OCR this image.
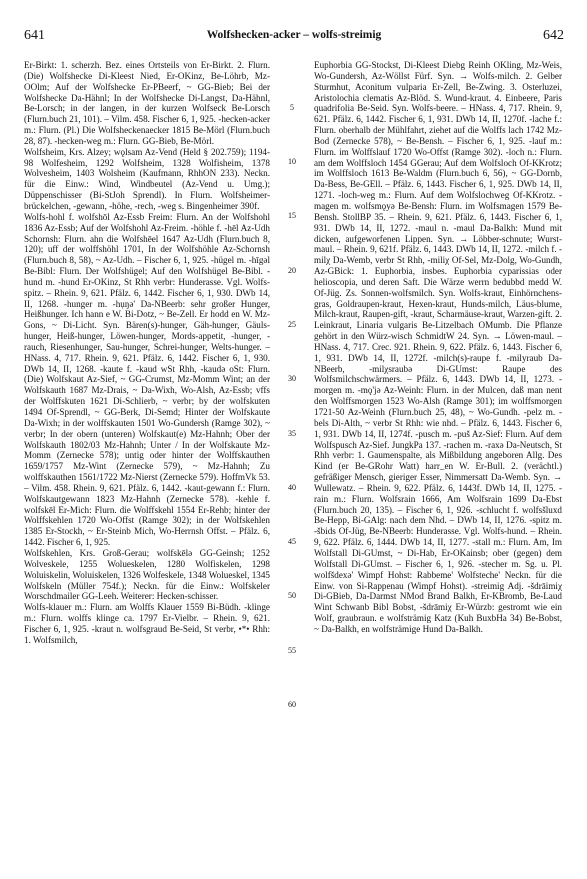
641	Wolfshecken-acker – wolfs-streimig	642

Er-Birkt: 1. scherzh. Bez. eines Ortsteils von Er-Birkt. 2. Flurn. (Die) Wolfshecke Di-Kleest Nied, Er-OKinz, Be-Löhrb, Mz-OOlm; Auf der Wolfshecke Er-PBeerf, ~ GG-Bieb; Bei der Wolfshecke Da-Hähnl; In der Wolfshecke Di-Langst, Da-Hähnl, Be-Lorsch; in der langen, in der kurzen Wolfseck Be-Lorsch (Flurn.buch 21, 101). – Vilm. 458. Fischer 6, 1, 925. -hecken-acker m.: Flurn. (Pl.) Die Wolfsheckenaecker 1815 Be-Mörl (Flurn.buch 28, 87). -hecken-weg m.: Flurn. GG-Bieb, Be-Mörl.

Wolfsheim, Krs. Alzey; wǫlsam Az-Vend (Held § 202.759); 1194-98 Wolfesheim, 1292 Wolfsheim, 1328 Wolfisheim, 1378 Wolvesheim, 1403 Wolsheim (Kaufmann, RhhON 233). Neckn. für die Einw.: Wind, Windbeutel (Az-Vend u. Umg.); Düppenschisser (Bi-StJoh Sprendl). In Flurn. Wolfsheimer-brückelchen, -gewann, -höhe, -rech, -weg s. Bingenheimer 390f.

Wolfs-hohl f. wolfshōl Az-Essb Freim: Flurn. An der Wolfshohl 1836 Az-Essb; Auf der Wolfshohl Az-Freim. -höhle f. -hēl Az-Udh Schornsh: Flurn. ahn die Wolfshēel 1647 Az-Udh (Flurn.buch 8, 120); uff der wolffshöhl 1701, In der Wolfshöhle Az-Schornsh (Flurn.buch 8, 58), ~ Az-Udh. – Fischer 6, 1, 925. -hügel m. -hīgəl Be-Bibl: Flurn. Der Wolfshügel; Auf den Wolfshügel Be-Bibl. -hund m. -hund Er-OKinz, St Rhh verbr: Hunderasse. Vgl. Wolfs-spitz. – Rhein. 9, 621. Pfälz. 6, 1442. Fischer 6, 1, 930. DWb 14, II, 1268. -hunger m. -hụŋə' Da-NBeerb: sehr großer Hunger, Heißhunger. Ich hann e W. Bi-Dotz, ~ Be-Zell. Er hodd en W. Mz-Gons, ~ Di-Licht. Syn. Bären(s)-hunger, Gäh-hunger, Gäuls-hunger, Heiß-hunger, Löwen-hunger, Mords-appetit, -hunger, -rauch, Riesenhunger, Sau-hunger, Schrei-hunger, Welts-hunger. – HNass. 4, 717. Rhein. 9, 621. Pfälz. 6, 1442. Fischer 6, 1, 930. DWb 14, II, 1268. -kaute f. -kaud wSt Rhh, -kaudə oSt: Flurn. (Die) Wolfskaut Az-Sief, ~ GG-Crumst, Mz-Momm Wint; an der Wolfskauth 1687 Mz-Drais, ~ Da-Wixh, Wo-Alsh, Az-Essb; vffs der Wolffskuten 1621 Di-Schlierb, ~ verbr; by der wolfskuten 1494 Of-Sprendl, ~ GG-Berk, Di-Semd; Hinter der Wolfskaute Da-Wixh; in der wolffskauten 1501 Wo-Gundersh (Ramge 302), ~ verbr; In der obern (unteren) Wolfskaut(e) Mz-Hahnh; Ober der Wolfskauth 1802/03 Mz-Hahnh; Unter / In der Wolfskaute Mz-Momm (Zernecke 578); untig oder hinter der Wolffskauthen 1659/1757 Mz-Wint (Zernecke 579), ~ Mz-Hahnh; Zu wolffskauthen 1561/1722 Mz-Nierst (Zernecke 579). HoffmVk 53. – Vilm. 458. Rhein. 9, 621. Pfälz. 6, 1442. -kaut-gewann f.: Flurn. Wolfskautgewann 1823 Mz-Hahnh (Zernecke 578). -kehle f. wolfskēl Er-Mich: Flurn. die Wolffskehl 1554 Er-Rehb; hinter der Wolffskehlen 1720 Wo-Offst (Ramge 302); in der Wolfskehlen 1385 Er-Stockh, ~ Er-Steinb Mich, Wo-Herrnsh Offst. – Pfälz. 6, 1442. Fischer 6, 1, 925.

Wolfskehlen, Krs. Groß-Gerau; wolfskēlə GG-Geinsh; 1252 Wolveskele, 1255 Wolueskelen, 1280 Wolfiskelen, 1298 Woluiskelin, Woluiskelen, 1326 Wolfeskele, 1348 Wolueskel, 1345 Wolfskeln (Müller 754f.); Neckn. für die Einw.: Wolfskeler Worschdmailer GG-Leeh. Weiterer: Hecken-schisser.

Wolfs-klauer m.: Flurn. am Wolffs Klauer 1559 Bi-Büdh. -klinge m.: Flurn. wolffs klinge ca. 1797 Er-Vielbr. – Rhein. 9, 621. Fischer 6, 1, 925. -kraut n. wolfsgraud Be-Seid, St verbr, •*• Rhh: 1. Wolfsmilch,

5
10
15
20
25
30
35
40
45
50
55
60

Euphorbia GG-Stockst, Di-Kleest Diebg Reinh OKling, Mz-Weis, Wo-Gundersh, Az-Wöllst Fürf. Syn. → Wolfs-milch. 2. Gelber Sturmhut, Aconitum vulparia Er-Zell, Be-Zwing. 3. Osterluzei, Aristolochia clematis Az-Blöd. S. Wund-kraut. 4. Einbeere, Paris quadrifolia Be-Seid. Syn. Wolfs-beere. – HNass. 4, 717. Rhein. 9, 621. Pfälz. 6, 1442. Fischer 6, 1, 931. DWb 14, II, 1270f. -lache f.: Flurn. oberhalb der Mühlfahrt, ziehet auf die Wolffs lach 1742 Mz-Bod (Zernecke 578), ~ Be-Bensh. – Fischer 6, 1, 925. -lauf m.: Flurn. im Wolffslauf 1720 Wo-Offst (Ramge 302). -loch n.: Flurn. am dem Wolffsloch 1454 GGerau; Auf dem Wolfsloch Of-KKrotz; im Wolffsloch 1613 Be-Waldm (Flurn.buch 6, 56), ~ GG-Dornb, Da-Bess, Be-GEll. – Pfälz. 6, 1443. Fischer 6, 1, 925. DWb 14, II, 1271. -loch-weg m.: Flurn. Auf dem Wolfslochweg Of-KKrotz. -magen m. wolfsmǫyə Be-Bensh: Flurn. im Wolfsmagen 1579 Be-Bensh. StollBP 35. – Rhein. 9, 621. Pfälz. 6, 1443. Fischer 6, 1, 931. DWb 14, II, 1272. -maul n. -maul Da-Balkh: Mund mit dicken, aufgeworfenen Lippen. Syn. → Löbber-schnute; Wurst-maul. – Rhein. 9, 621f. Pfälz. 6, 1443. DWb 14, II, 1272. -milch f. -milχ Da-Wemb, verbr St Rhh, -miliχ Of-Sel, Mz-Dolg, Wo-Gundh, Az-GBick: 1. Euphorbia, insbes. Euphorbia cyparissias oder helioscopia, und deren Saft. Die Wärze werrn bedubbd medd W. Of-Jüg. Zs. Sonnen-wolfsmilch. Syn. Wolfs-kraut, Einhörnchens-gras, Goldraupen-kraut, Hexen-kraut, Hunds-milch, Läus-blume, Milch-kraut, Raupen-gift, -kraut, Scharmäuse-kraut, Warzen-gift. 2. Leinkraut, Linaria vulgaris Be-Litzelbach OMumb. Die Pflanze gehört in den Würz-wisch SchmidtW 24. Syn. → Löwen-maul. – HNass. 4, 717. Crec. 921. Rhein. 9, 622. Pfälz. 6, 1443. Fischer 6, 1, 931. DWb 14, II, 1272f. -milch(s)-raupe f. -milyraub Da-NBeerb, -milχsraubə Di-GUmst: Raupe des Wolfsmilchschwärmers. – Pfälz. 6, 1443. DWb 14, II, 1273. -morgen m. -mǫ'jə Az-Weinh: Flurn. in der Mulcen, daß man nent den Wolffsmorgen 1523 Wo-Alsh (Ramge 301); im wolffsmorgen 1721-50 Az-Weinh (Flurn.buch 25, 48), ~ Wo-Gundh. -pelz m. -bels Di-Alth, ~ verbr St Rhh: wie nhd. – Pfälz. 6, 1443. Fischer 6, 1, 931. DWb 14, II, 1274f. -pusch m. -puš Az-Sief: Flurn. Auf dem Wolfspusch Az-Sief. JungkPa 137. -rachen m. -raxə Da-Neutsch, St Rhh verbr: 1. Gaumenspalte, als Mißbildung angeboren Allg. Des Kind (er Be-GRohr Watt) harr_en W. Er-Bull. 2. (verächtl.) gefräßiger Mensch, gieriger Esser, Nimmersatt Da-Wemb. Syn. → Wullewatz. – Rhein. 9, 622. Pfälz. 6, 1443f. DWb 14, II, 1275. -rain m.: Flurn. Wolfsrain 1666, Am Wolfsrain 1699 Da-Ebst (Flurn.buch 20, 135). – Fischer 6, 1, 926. -schlucht f. wolfsšluxd Be-Hepp, Bi-GAlg: nach dem Nhd. – DWb 14, II, 1276. -spitz m. -šbids Of-Jüg, Be-NBeerb: Hunderasse. Vgl. Wolfs-hund. – Rhein. 9, 622. Pfälz. 6, 1444. DWb 14, II, 1277. -stall m.: Flurn. Am, Im Wolfstall Di-GUmst, ~ Di-Hab, Er-OKainsb; ober (gegen) dem Wolfstall Di-GUmst. – Fischer 6, 1, 926. -stecher m. Sg. u. Pl. wolfšdexə' Wimpf Hohst: Rabbeme' Wolfsteche' Neckn. für die Einw. von Si-Rappenau (Wimpf Hohst). -streimig Adj. -šdrāimiχ Di-GBieb, Da-Darmst NMod Brand Balkh, Er-KBromb, Be-Laud Wint Schwanb Bibl Bobst, -šdrāmiχ Er-Würzb: gestromt wie ein Wolf, graubraun. e wolfsträmig Katz (Kuh BuxbHa 34) Be-Bobst, ~ Da-Balkh, en wolfsträmige Hund Da-Balkh.
